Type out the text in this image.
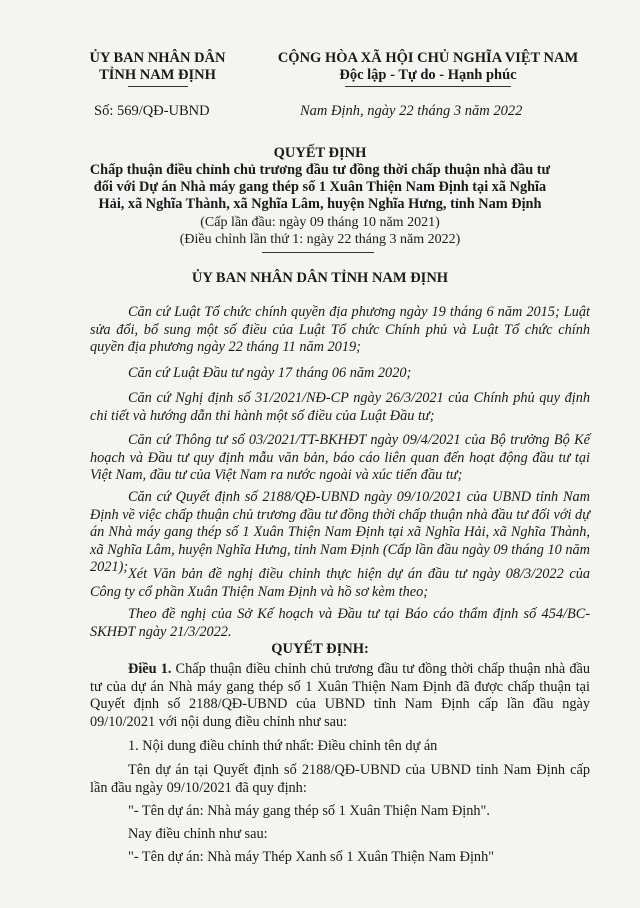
ỦY BAN NHÂN DÂN
TỈNH NAM ĐỊNH
CỘNG HÒA XÃ HỘI CHỦ NGHĨA VIỆT NAM
Độc lập - Tự do - Hạnh phúc
Số: 569/QĐ-UBND	Nam Định, ngày 22 tháng 3 năm 2022
QUYẾT ĐỊNH
Chấp thuận điều chỉnh chủ trương đầu tư đồng thời chấp thuận nhà đầu tư
đối với Dự án Nhà máy gang thép số 1 Xuân Thiện Nam Định tại xã Nghĩa
Hải, xã Nghĩa Thành, xã Nghĩa Lâm, huyện Nghĩa Hưng, tỉnh Nam Định
(Cấp lần đầu: ngày 09 tháng 10 năm 2021)
(Điều chỉnh lần thứ 1: ngày 22 tháng 3 năm 2022)
ỦY BAN NHÂN DÂN TỈNH NAM ĐỊNH
Căn cứ Luật Tổ chức chính quyền địa phương ngày 19 tháng 6 năm 2015; Luật sửa đổi, bổ sung một số điều của Luật Tổ chức Chính phủ và Luật Tổ chức chính quyền địa phương ngày 22 tháng 11 năm 2019;
Căn cứ Luật Đầu tư ngày 17 tháng 06 năm 2020;
Căn cứ Nghị định số 31/2021/NĐ-CP ngày 26/3/2021 của Chính phủ quy định chi tiết và hướng dẫn thi hành một số điều của Luật Đầu tư;
Căn cứ Thông tư số 03/2021/TT-BKHĐT ngày 09/4/2021 của Bộ trưởng Bộ Kế hoạch và Đầu tư quy định mẫu văn bản, báo cáo liên quan đến hoạt động đầu tư tại Việt Nam, đầu tư của Việt Nam ra nước ngoài và xúc tiến đầu tư;
Căn cứ Quyết định số 2188/QĐ-UBND ngày 09/10/2021 của UBND tỉnh Nam Định về việc chấp thuận chủ trương đầu tư đồng thời chấp thuận nhà đầu tư đối với dự án Nhà máy gang thép số 1 Xuân Thiện Nam Định tại xã Nghĩa Hải, xã Nghĩa Thành, xã Nghĩa Lâm, huyện Nghĩa Hưng, tỉnh Nam Định (Cấp lần đầu ngày 09 tháng 10 năm 2021); Xét Văn bản đề nghị điều chỉnh thực hiện dự án đầu tư ngày 08/3/2022 của Công ty cổ phần Xuân Thiện Nam Định và hồ sơ kèm theo;
Theo đề nghị của Sở Kế hoạch và Đầu tư tại Báo cáo thẩm định số 454/BC-SKHĐT ngày 21/3/2022.
QUYẾT ĐỊNH:
Điều 1. Chấp thuận điều chỉnh chủ trương đầu tư đồng thời chấp thuận nhà đầu tư của dự án Nhà máy gang thép số 1 Xuân Thiện Nam Định đã được chấp thuận tại Quyết định số 2188/QĐ-UBND của UBND tỉnh Nam Định cấp lần đầu ngày 09/10/2021 với nội dung điều chỉnh như sau:
1. Nội dung điều chỉnh thứ nhất: Điều chỉnh tên dự án
Tên dự án tại Quyết định số 2188/QĐ-UBND của UBND tỉnh Nam Định cấp lần đầu ngày 09/10/2021 đã quy định:
"- Tên dự án: Nhà máy gang thép số 1 Xuân Thiện Nam Định".
Nay điều chỉnh như sau:
"- Tên dự án: Nhà máy Thép Xanh số 1 Xuân Thiện Nam Định"
